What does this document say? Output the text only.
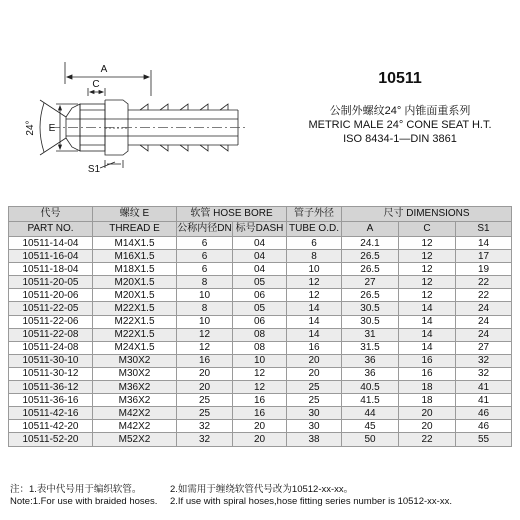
A
C
E
S1
24°
10511
公制外螺纹24° 内锥面重系列
METRIC MALE 24° CONE SEAT H.T.
ISO 8434-1—DIN 3861
代号	螺纹 E	软管 HOSE BORE		管子外径	尺寸 DIMENSIONS		
PART NO.	THREAD E	公称内径DN	标号DASH	TUBE O.D.	A	C	S1
10511-14-04	M14X1.5	6	04	6	24.1	12	14
10511-16-04	M16X1.5	6	04	8	26.5	12	17
10511-18-04	M18X1.5	6	04	10	26.5	12	19
10511-20-05	M20X1.5	8	05	12	27	12	22
10511-20-06	M20X1.5	10	06	12	26.5	12	22
10511-22-05	M22X1.5	8	05	14	30.5	14	24
10511-22-06	M22X1.5	10	06	14	30.5	14	24
10511-22-08	M22X1.5	12	08	14	31	14	24
10511-24-08	M24X1.5	12	08	16	31.5	14	27
10511-30-10	M30X2	16	10	20	36	16	32
10511-30-12	M30X2	20	12	20	36	16	32
10511-36-12	M36X2	20	12	25	40.5	18	41
10511-36-16	M36X2	25	16	25	41.5	18	41
10511-42-16	M42X2	25	16	30	44	20	46
10511-42-20	M42X2	32	20	30	45	20	46
10511-52-20	M52X2	32	20	38	50	22	55
注：1.表中代号用于编织软管。	2.如需用于缠绕软管代号改为10512-xx-xx。
Note:1.For use with braided hoses. 2.If use with spiral hoses,hose fitting series number is 10512-xx-xx.
